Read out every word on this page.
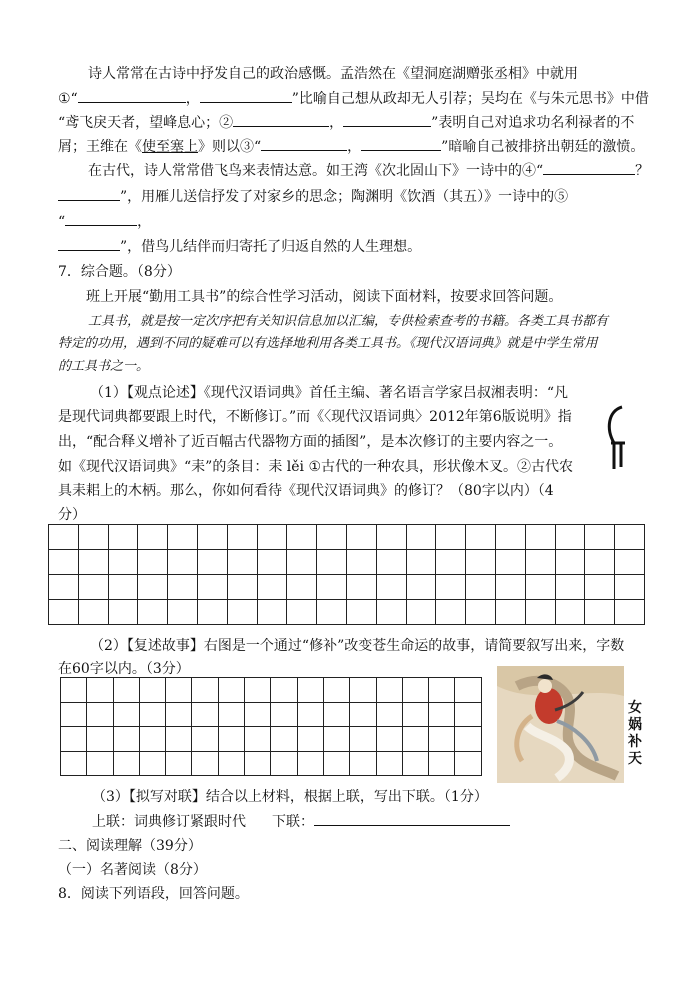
诗人常常在古诗中抒发自己的政治感慨。孟浩然在《望洞庭湖赠张丞相》中就用
①“	，	”比喻自己想从政却无人引荐；吴均在《与朱元思书》中借
“鸢飞戾天者，望峰息心；②	，	”表明自己对追求功名利禄者的不
屑；王维在《使至塞上》则以③“	，	”暗喻自己被排挤出朝廷的激愤。
在古代，诗人常常借飞鸟来表情达意。如王湾《次北固山下》一诗中的④“	？
”，用雁儿送信抒发了对家乡的思念；陶渊明《饮酒（其五）》一诗中的⑤
“	，
”，借鸟儿结伴而归寄托了归返自然的人生理想。
7．综合题。（8分）
班上开展“勤用工具书”的综合性学习活动，阅读下面材料，按要求回答问题。
工具书，就是按一定次序把有关知识信息加以汇编，专供检索查考的书籍。各类工具书都有
特定的功用，遇到不同的疑难可以有选择地利用各类工具书。《现代汉语词典》就是中学生常用
的工具书之一。
（1）【观点论述】《现代汉语词典》首任主编、著名语言学家吕叔湘表明：“凡
是现代词典都要跟上时代，不断修订。”而《〈现代汉语词典〉2012年第6版说明》指
出，“配合释义增补了近百幅古代器物方面的插图”，是本次修订的主要内容之一。
如《现代汉语词典》“耒”的条目：耒 lěi ①古代的一种农具，形状像木叉。②古代农
具耒耜上的木柄。那么，你如何看待《现代汉语词典》的修订？（80字以内）（4
分）

（2）【复述故事】右图是一个通过“修补”改变苍生命运的故事，请简要叙写出来，字数
在60字以内。（3分）

女
娲
补
天
（3）【拟写对联】结合以上材料，根据上联，写出下联。（1分）
上联：词典修订紧跟时代 下联：
二、阅读理解（39分）
（一）名著阅读（8分）
8．阅读下列语段，回答问题。
